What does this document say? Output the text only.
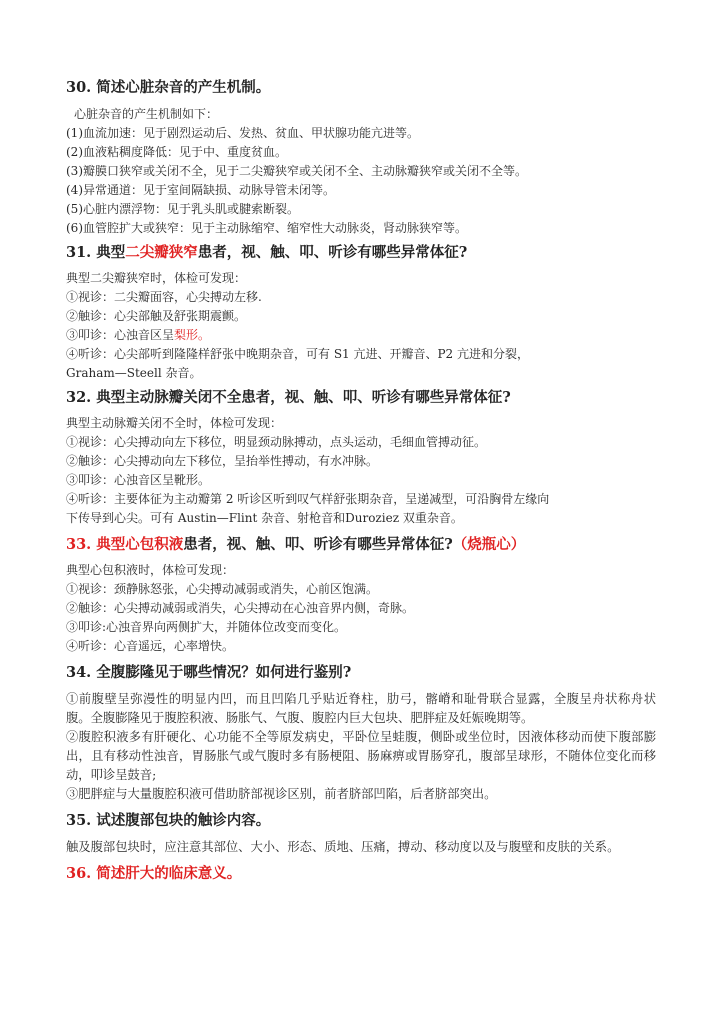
30. 简述心脏杂音的产生机制。

心脏杂音的产生机制如下：

(1)血流加速：见于剧烈运动后、发热、贫血、甲状腺功能亢进等。

(2)血液粘稠度降低：见于中、重度贫血。

(3)瓣膜口狭窄或关闭不全，见于二尖瓣狭窄或关闭不全、主动脉瓣狭窄或关闭不全等。

(4)异常通道：见于室间隔缺损、动脉导管未闭等。

(5)心脏内漂浮物：见于乳头肌或腱索断裂。

(6)血管腔扩大或狭窄：见于主动脉缩窄、缩窄性大动脉炎，肾动脉狭窄等。

31. 典型二尖瓣狭窄患者，视、触、叩、听诊有哪些异常体征?

典型二尖瓣狭窄时，体检可发现：

①视诊：二尖瓣面容，心尖搏动左移.

②触诊：心尖部触及舒张期震颤。

③叩诊：心浊音区呈梨形。

④听诊：心尖部听到隆隆样舒张中晚期杂音，可有 S1 亢进、开瓣音、P2 亢进和分裂，

Graham—Steell 杂音。

32. 典型主动脉瓣关闭不全患者，视、触、叩、听诊有哪些异常体征?

典型主动脉瓣关闭不全时，体检可发现：

①视诊：心尖搏动向左下移位，明显颈动脉搏动，点头运动，毛细血管搏动征。

②触诊：心尖搏动向左下移位，呈抬举性搏动，有水冲脉。

③叩诊：心浊音区呈靴形。

④听诊：主要体征为主动瓣第 2 听诊区听到叹气样舒张期杂音，呈递减型，可沿胸骨左缘向

下传导到心尖。可有 Austin—Flint 杂音、射枪音和Duroziez 双重杂音。

33. 典型心包积液患者，视、触、叩、听诊有哪些异常体征?（烧瓶心）

典型心包积液时，体检可发现：

①视诊：颈静脉怒张，心尖搏动减弱或消失，心前区饱满。

②触诊：心尖搏动减弱或消失，心尖搏动在心浊音界内侧，奇脉。

③叩诊:心浊音界向两侧扩大，并随体位改变而变化。

④听诊：心音遥远，心率增快。

34. 全腹膨隆见于哪些情况？如何进行鉴别?

①前腹壁呈弥漫性的明显内凹，而且凹陷几乎贴近脊柱，肋弓，髂嵴和耻骨联合显露，全腹呈舟状称舟状腹。全腹膨隆见于腹腔积液、肠胀气、气腹、腹腔内巨大包块、肥胖症及妊娠晚期等。

②腹腔积液多有肝硬化、心功能不全等原发病史，平卧位呈蛙腹，侧卧或坐位时，因液体移动而使下腹部膨出，且有移动性浊音，胃肠胀气或气腹时多有肠梗阻、肠麻痹或胃肠穿孔，腹部呈球形，不随体位变化而移动，叩诊呈鼓音;

③肥胖症与大量腹腔积液可借助脐部视诊区别，前者脐部凹陷，后者脐部突出。

35. 试述腹部包块的触诊内容。

触及腹部包块时，应注意其部位、大小、形态、质地、压痛，搏动、移动度以及与腹壁和皮肤的关系。

36. 简述肝大的临床意义。
